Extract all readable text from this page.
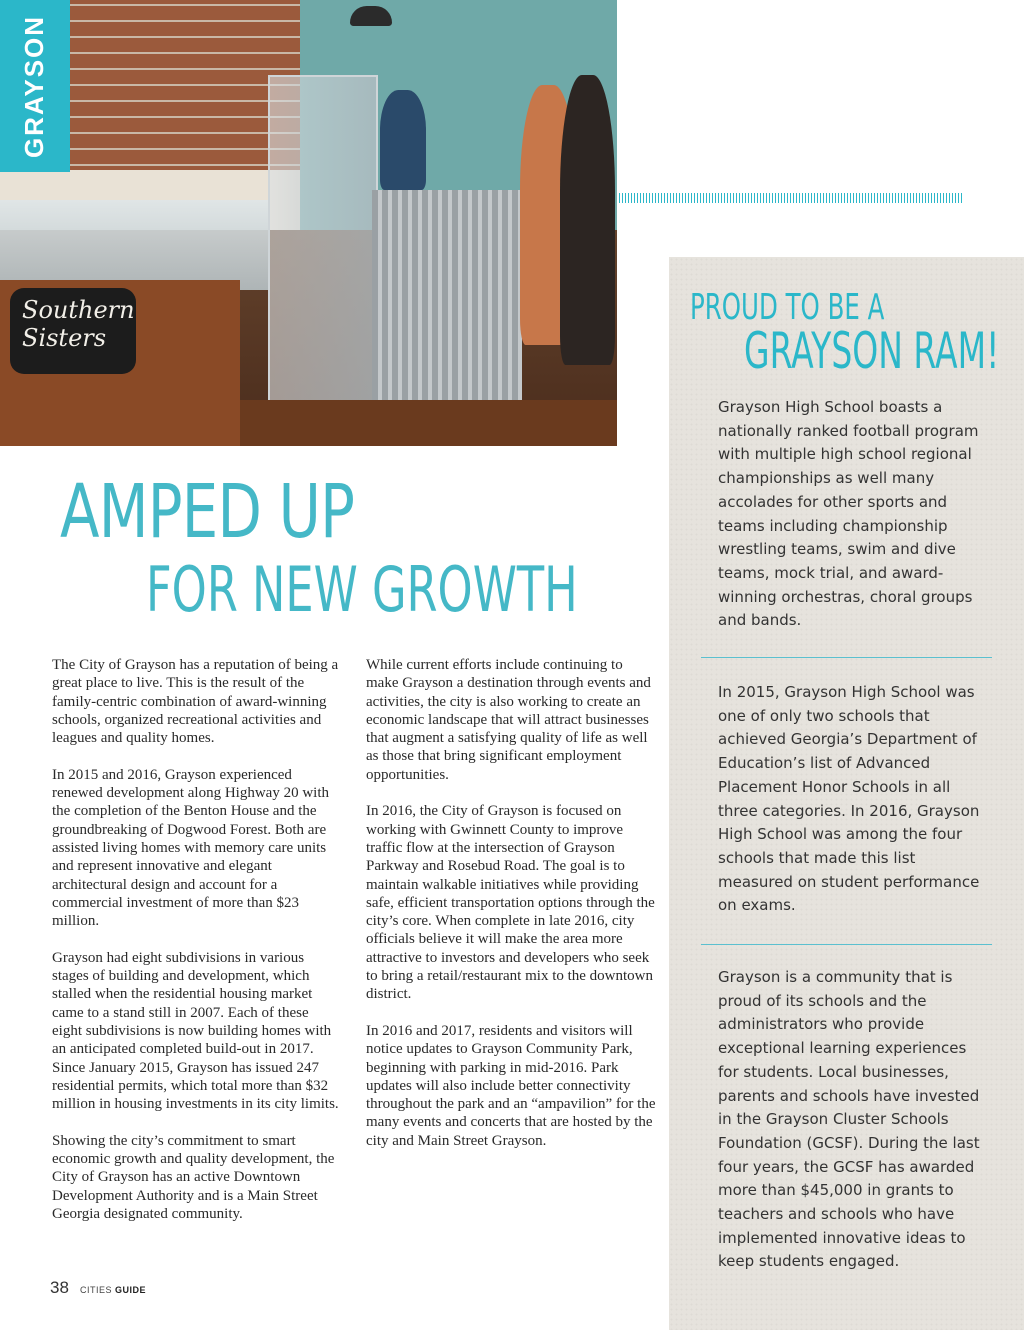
Southern Sisters
GRAYSON
AMPED UP
FOR NEW GROWTH

The City of Grayson has a reputation of being a great place to live. This is the result of the family-centric combination of award-winning schools, organized recreational activities and leagues and quality homes.

In 2015 and 2016, Grayson experienced renewed development along Highway 20 with the completion of the Benton House and the groundbreaking of Dogwood Forest. Both are assisted living homes with memory care units and represent innovative and elegant architectural design and account for a commercial investment of more than $23 million.

Grayson had eight subdivisions in various stages of building and development, which stalled when the residential housing market came to a stand still in 2007. Each of these eight subdivisions is now building homes with an anticipated completed build-out in 2017. Since January 2015, Grayson has issued 247 residential permits, which total more than $32 million in housing investments in its city limits.

Showing the city’s commitment to smart economic growth and quality development, the City of Grayson has an active Downtown Development Authority and is a Main Street Georgia designated community.

While current efforts include continuing to make Grayson a destination through events and activities, the city is also working to create an economic landscape that will attract businesses that augment a satisfying quality of life as well as those that bring significant employment opportunities.

In 2016, the City of Grayson is focused on working with Gwinnett County to improve traffic flow at the intersection of Grayson Parkway and Rosebud Road. The goal is to maintain walkable initiatives while providing safe, efficient transportation options through the city’s core. When complete in late 2016, city officials believe it will make the area more attractive to investors and developers who seek to bring a retail/restaurant mix to the downtown district.

In 2016 and 2017, residents and visitors will notice updates to Grayson Community Park, beginning with parking in mid-2016. Park updates will also include better connectivity throughout the park and an “ampavilion” for the many events and concerts that are hosted by the city and Main Street Grayson.

38 CITIES GUIDE
PROUD TO BE A
GRAYSON RAM!

Grayson High School boasts a nationally ranked football program with multiple high school regional championships as well many accolades for other sports and teams including championship wrestling teams, swim and dive teams, mock trial, and award-winning orchestras, choral groups and bands.

In 2015, Grayson High School was one of only two schools that achieved Georgia’s Department of Education’s list of Advanced Placement Honor Schools in all three categories. In 2016, Grayson High School was among the four schools that made this list measured on student performance on exams.

Grayson is a community that is proud of its schools and the administrators who provide exceptional learning experiences for students. Local businesses, parents and schools have invested in the Grayson Cluster Schools Foundation (GCSF). During the last four years, the GCSF has awarded more than $45,000 in grants to teachers and schools who have implemented innovative ideas to keep students engaged.
